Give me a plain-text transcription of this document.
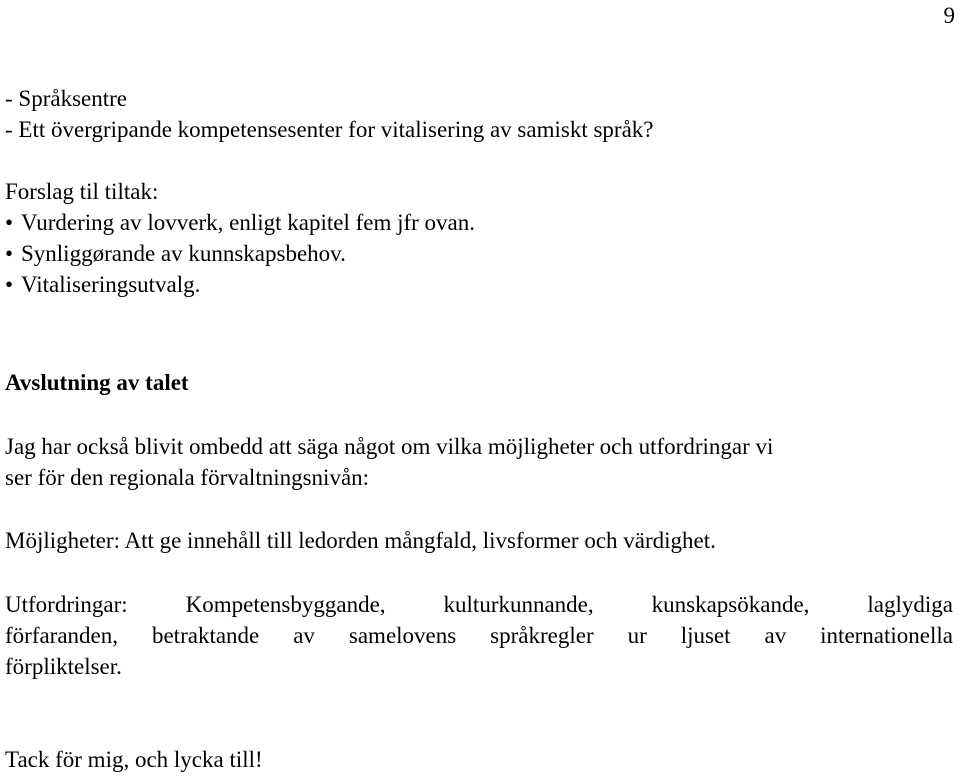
9
- Språksentre
- Ett övergripande kompetensesenter for vitalisering av samiskt språk?
Forslag til tiltak:
• Vurdering av lovverk, enligt kapitel fem jfr ovan.
• Synliggørande av kunnskapsbehov.
• Vitaliseringsutvalg.
Avslutning av talet
Jag har också blivit ombedd att säga något om vilka möjligheter och utfordringar vi
ser för den regionala förvaltningsnivån:
Möjligheter: Att ge innehåll till ledorden mångfald, livsformer och värdighet.
Utfordringar: Kompetensbyggande, kulturkunnande, kunskapsökande, laglydiga
förfaranden, betraktande av samelovens språkregler ur ljuset av internationella
förpliktelser.
Tack för mig, och lycka till!
